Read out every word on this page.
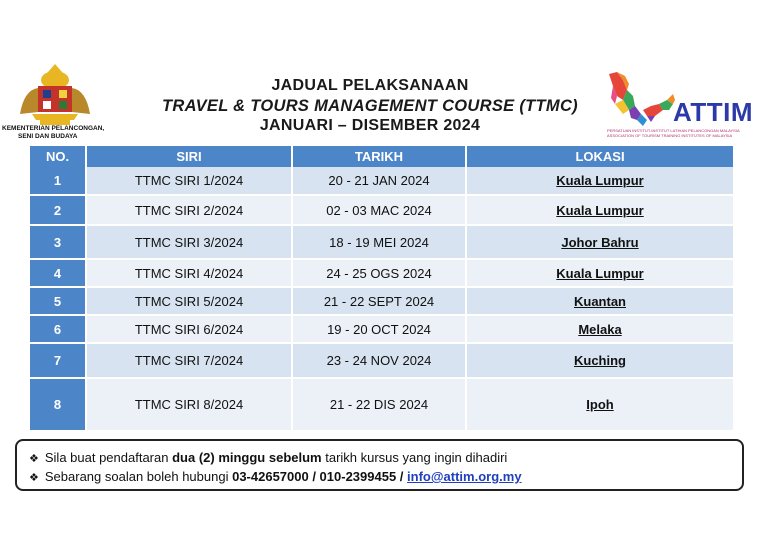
KEMENTERIAN PELANCONGAN,
SENI DAN BUDAYA
JADUAL PELAKSANAAN
TRAVEL & TOURS MANAGEMENT COURSE (TTMC)
JANUARI – DISEMBER 2024	ATTIM
PERSATUAN INSTITUT-INSTITUT LATIHAN PELANCONGAN MALAYSIA ASSOCIATION OF TOURISM TRAINING INSTITUTES OF MALAYSIA
NO.	SIRI	TARIKH	LOKASI
1	TTMC SIRI 1/2024	20 - 21 JAN 2024	Kuala Lumpur
2	TTMC SIRI 2/2024	02 - 03 MAC 2024	Kuala Lumpur
3	TTMC SIRI 3/2024	18 - 19 MEI 2024	Johor Bahru
4	TTMC SIRI 4/2024	24 - 25 OGS 2024	Kuala Lumpur
5	TTMC SIRI 5/2024	21 - 22 SEPT 2024	Kuantan
6	TTMC SIRI 6/2024	19 - 20 OCT 2024	Melaka
7	TTMC SIRI 7/2024	23 - 24 NOV 2024	Kuching
8	TTMC SIRI 8/2024	21 - 22 DIS 2024	Ipoh
❖ Sila buat pendaftaran dua (2) minggu sebelum tarikh kursus yang ingin dihadiri
❖ Sebarang soalan boleh hubungi 03-42657000 / 010-2399455 / info@attim.org.my
